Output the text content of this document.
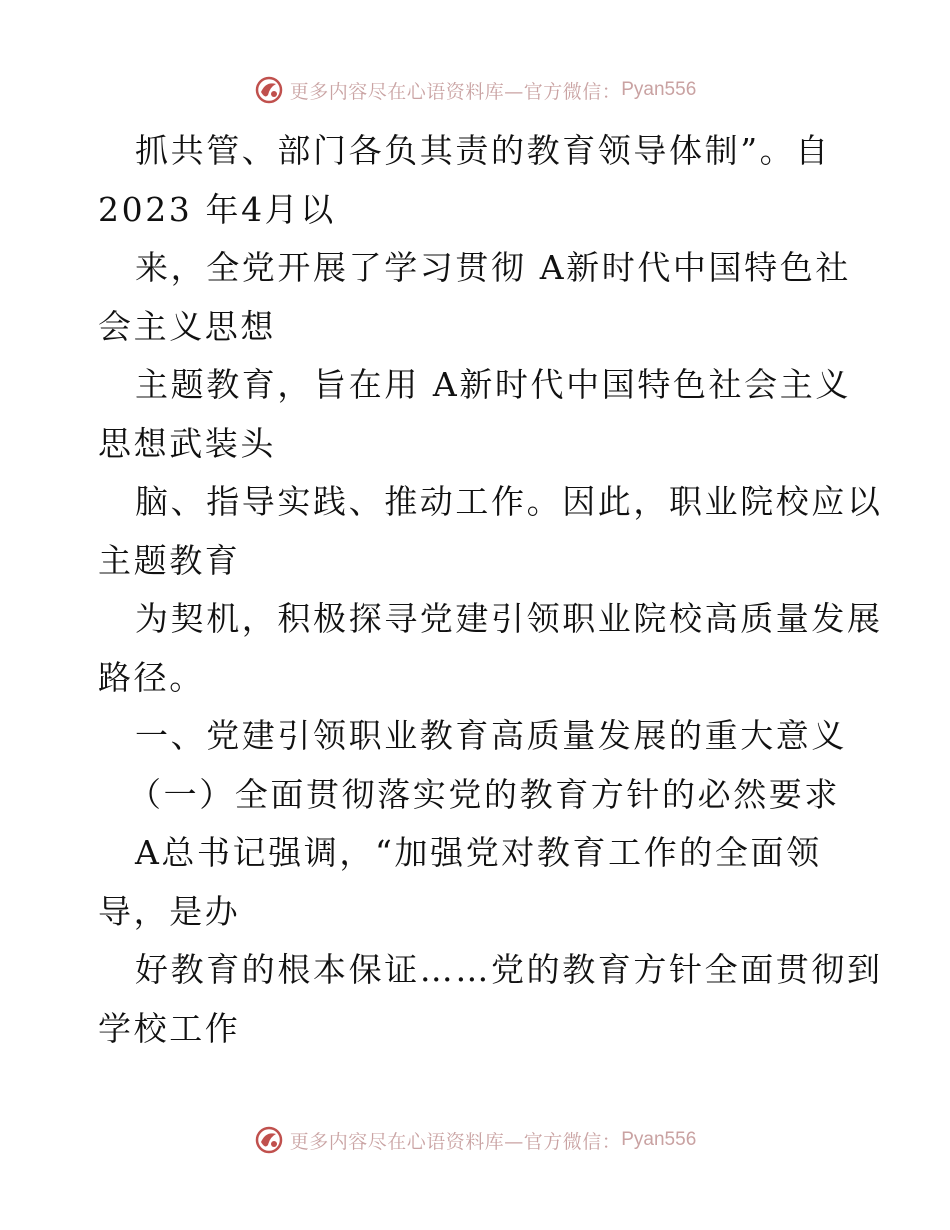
更多内容尽在心语资料库—官方微信： Pyan556
抓共管、部门各负其责的教育领导体制”。自
2023 年4月以
来，全党开展了学习贯彻 A新时代中国特色社
会主义思想
主题教育，旨在用 A新时代中国特色社会主义
思想武装头
脑、指导实践、推动工作。因此，职业院校应以
主题教育
为契机，积极探寻党建引领职业院校高质量发展
路径。
一、党建引领职业教育高质量发展的重大意义
（一）全面贯彻落实党的教育方针的必然要求
A总书记强调，“加强党对教育工作的全面领
导，是办
好教育的根本保证……党的教育方针全面贯彻到
学校工作
更多内容尽在心语资料库—官方微信： Pyan556
